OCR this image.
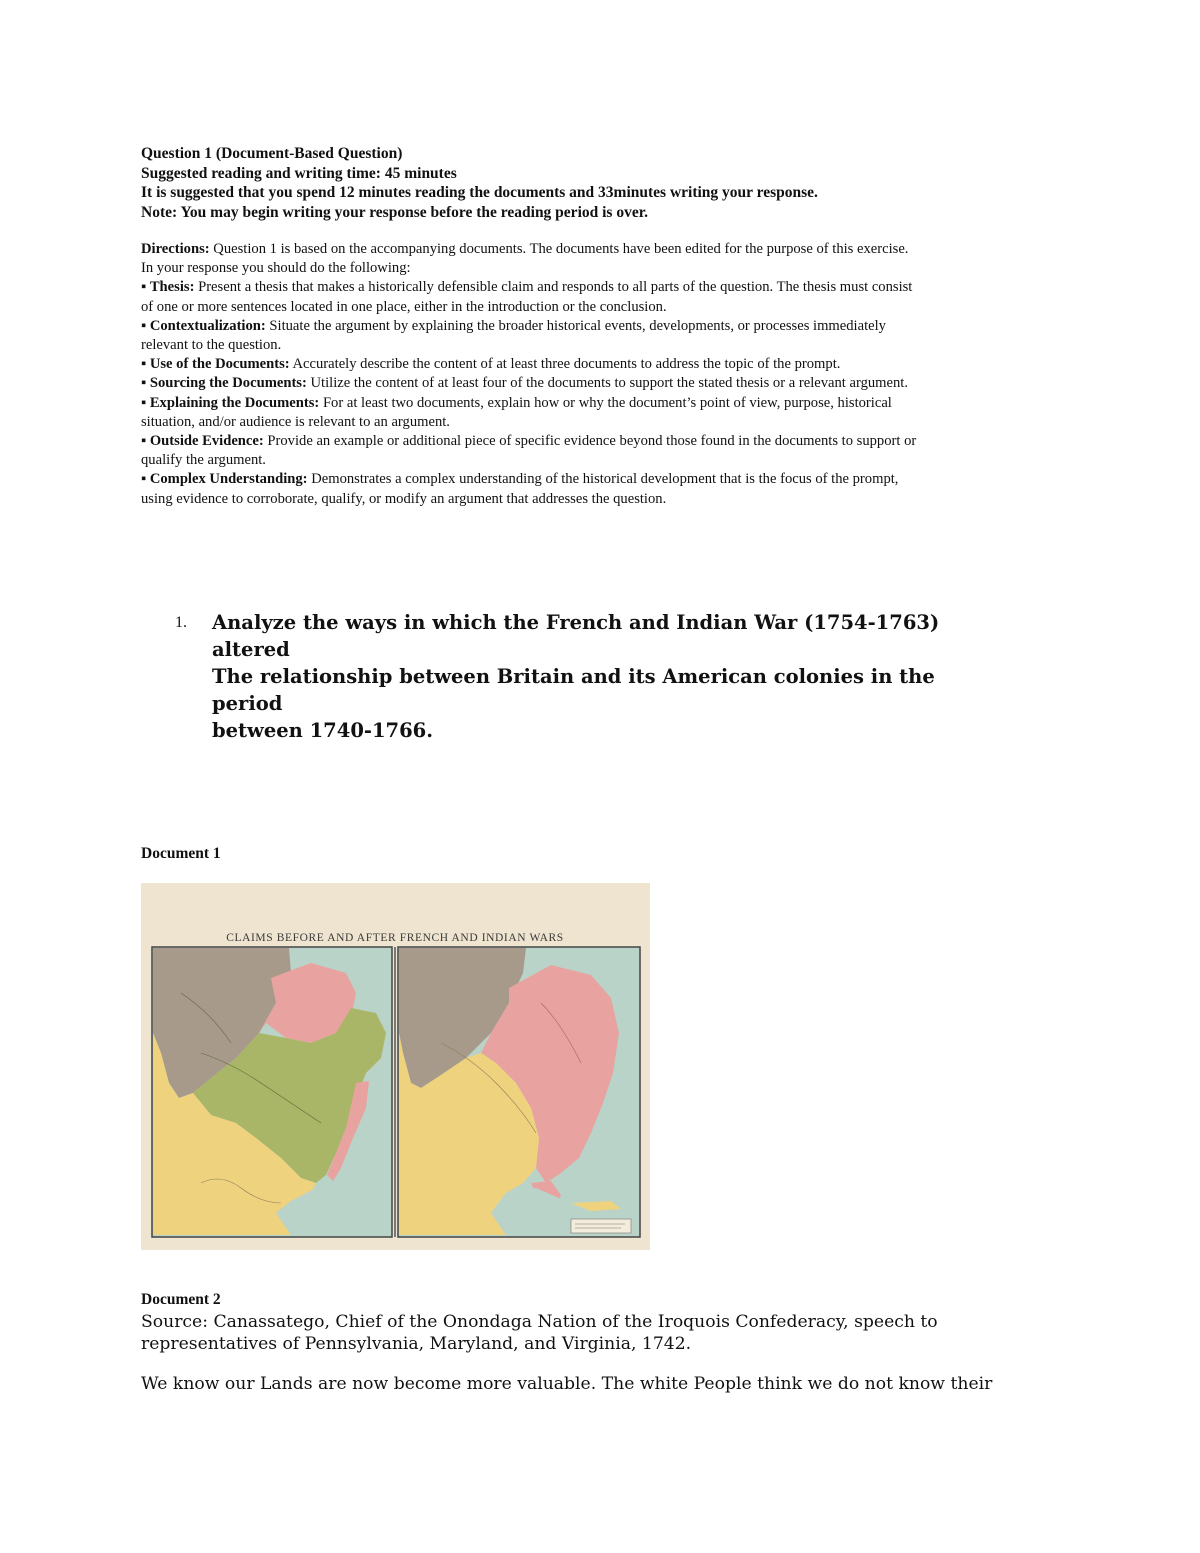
Question 1 (Document-Based Question)
Suggested reading and writing time: 45 minutes
It is suggested that you spend 12 minutes reading the documents and 33minutes writing your response.
Note: You may begin writing your response before the reading period is over.
Directions: Question 1 is based on the accompanying documents. The documents have been edited for the purpose of this exercise.
In your response you should do the following:
▪ Thesis: Present a thesis that makes a historically defensible claim and responds to all parts of the question. The thesis must consist of one or more sentences located in one place, either in the introduction or the conclusion.
▪ Contextualization: Situate the argument by explaining the broader historical events, developments, or processes immediately relevant to the question.
▪ Use of the Documents: Accurately describe the content of at least three documents to address the topic of the prompt.
▪ Sourcing the Documents: Utilize the content of at least four of the documents to support the stated thesis or a relevant argument.
▪ Explaining the Documents: For at least two documents, explain how or why the document’s point of view, purpose, historical situation, and/or audience is relevant to an argument.
▪ Outside Evidence: Provide an example or additional piece of specific evidence beyond those found in the documents to support or qualify the argument.
▪ Complex Understanding: Demonstrates a complex understanding of the historical development that is the focus of the prompt, using evidence to corroborate, qualify, or modify an argument that addresses the question.
1. Analyze the ways in which the French and Indian War (1754-1763) altered
The relationship between Britain and its American colonies in the period
between 1740-1766.
Document 1
CLAIMS BEFORE AND AFTER FRENCH AND INDIAN WARS
Document 2
Source: Canassatego, Chief of the Onondaga Nation of the Iroquois Confederacy, speech to representatives of Pennsylvania, Maryland, and Virginia, 1742.
We know our Lands are now become more valuable. The white People think we do not know their
